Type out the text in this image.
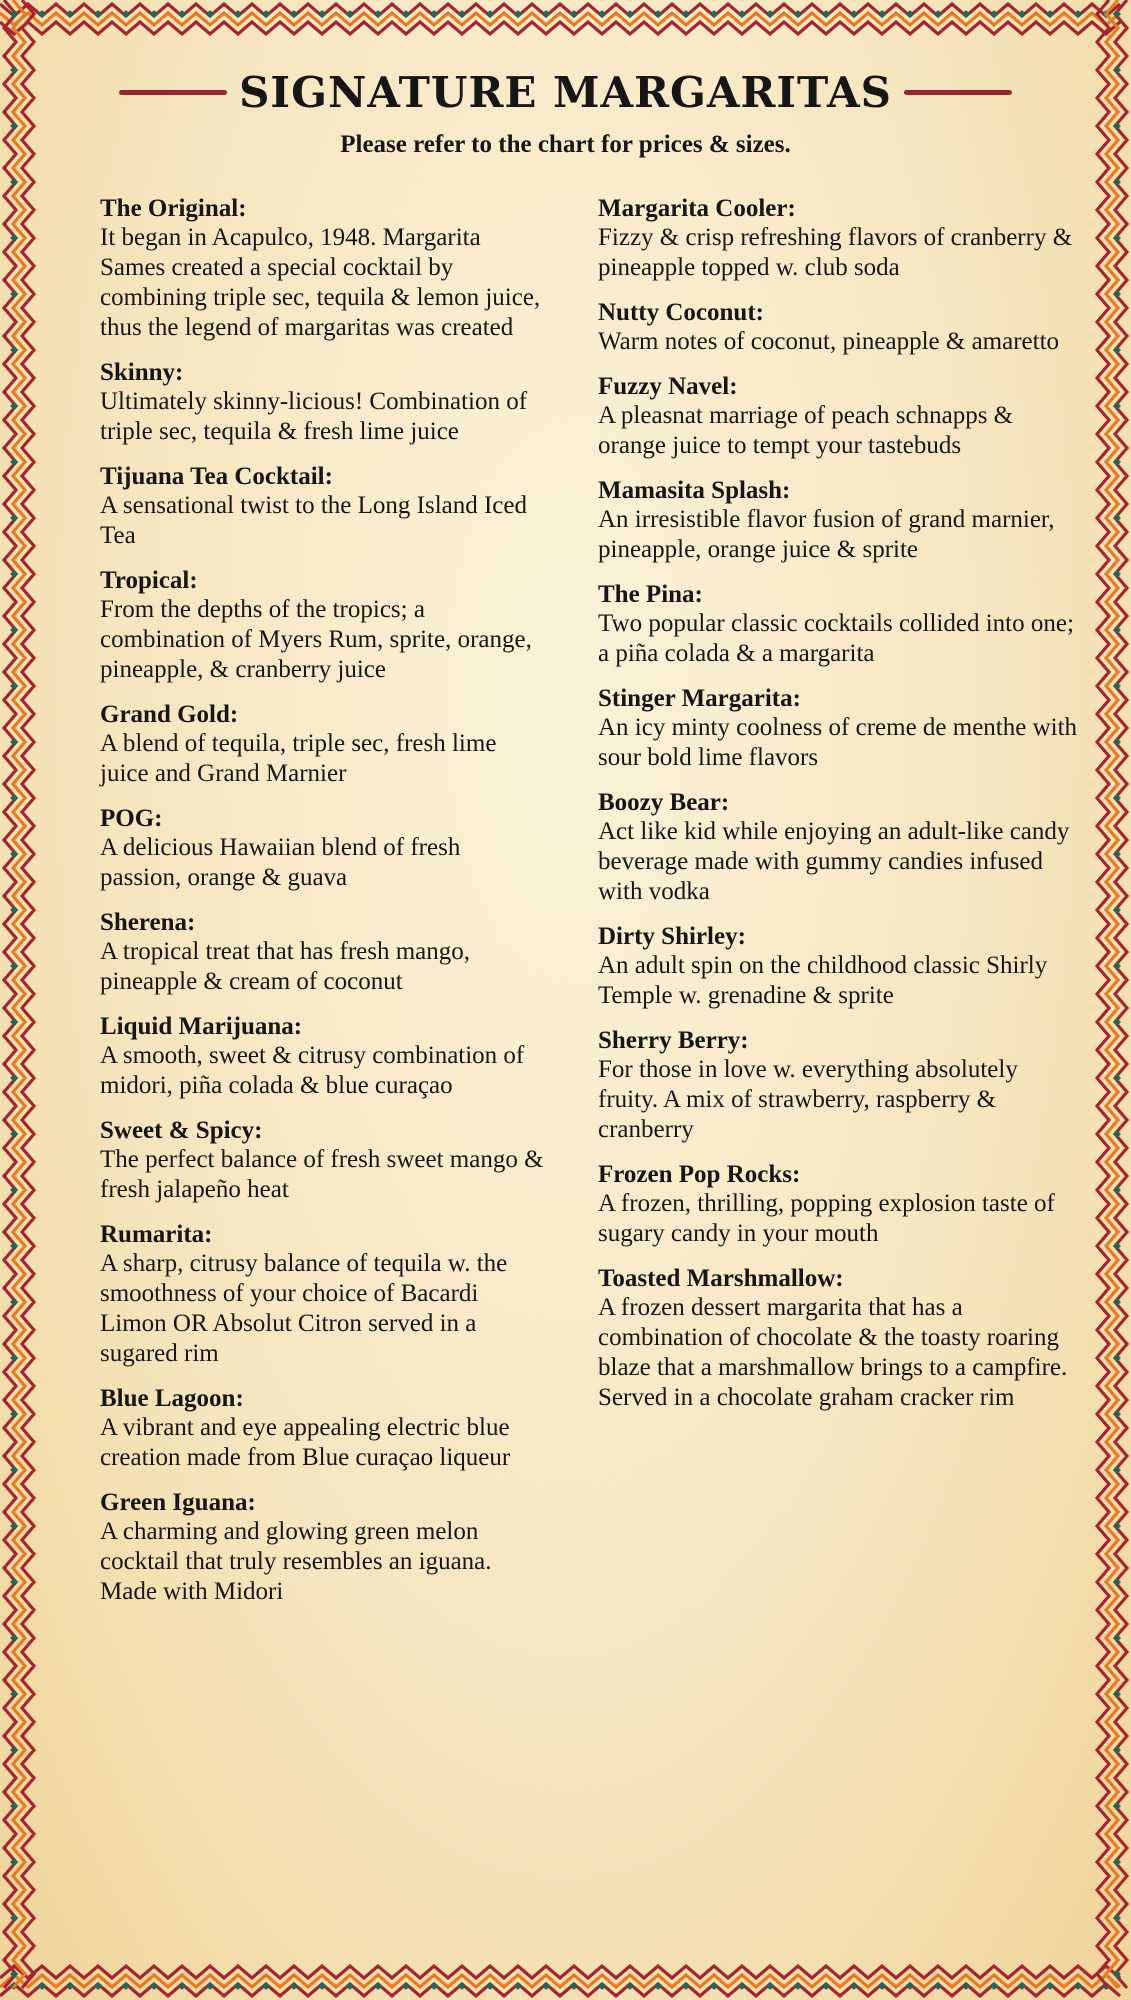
SIGNATURE MARGARITAS
Please refer to the chart for prices & sizes.
The Original:
It began in Acapulco, 1948. Margarita Sames created a special cocktail by combining triple sec, tequila & lemon juice, thus the legend of margaritas was created
Skinny:
Ultimately skinny-licious! Combination of triple sec, tequila & fresh lime juice
Tijuana Tea Cocktail:
A sensational twist to the Long Island Iced Tea
Tropical:
From the depths of the tropics; a combination of Myers Rum, sprite, orange, pineapple, & cranberry juice
Grand Gold:
A blend of tequila, triple sec, fresh lime juice and Grand Marnier
POG:
A delicious Hawaiian blend of fresh passion, orange & guava
Sherena:
A tropical treat that has fresh mango, pineapple & cream of coconut
Liquid Marijuana:
A smooth, sweet & citrusy combination of midori, piña colada & blue curaçao
Sweet & Spicy:
The perfect balance of fresh sweet mango & fresh jalapeño heat
Rumarita:
A sharp, citrusy balance of tequila w. the smoothness of your choice of Bacardi Limon OR Absolut Citron served in a sugared rim
Blue Lagoon:
A vibrant and eye appealing electric blue creation made from Blue curaçao liqueur
Green Iguana:
A charming and glowing green melon cocktail that truly resembles an iguana. Made with Midori
Margarita Cooler:
Fizzy & crisp refreshing flavors of cranberry & pineapple topped w. club soda
Nutty Coconut:
Warm notes of coconut, pineapple & amaretto
Fuzzy Navel:
A pleasnat marriage of peach schnapps & orange juice to tempt your tastebuds
Mamasita Splash:
An irresistible flavor fusion of grand marnier, pineapple, orange juice & sprite
The Pina:
Two popular classic cocktails collided into one; a piña colada & a margarita
Stinger Margarita:
An icy minty coolness of creme de menthe with sour bold lime flavors
Boozy Bear:
Act like kid while enjoying an adult-like candy beverage made with gummy candies infused with vodka
Dirty Shirley:
An adult spin on the childhood classic Shirly Temple w. grenadine & sprite
Sherry Berry:
For those in love w. everything absolutely fruity. A mix of strawberry, raspberry & cranberry
Frozen Pop Rocks:
A frozen, thrilling, popping explosion taste of sugary candy in your mouth
Toasted Marshmallow:
A frozen dessert margarita that has a combination of chocolate & the toasty roaring blaze that a marshmallow brings to a campfire. Served in a chocolate graham cracker rim
